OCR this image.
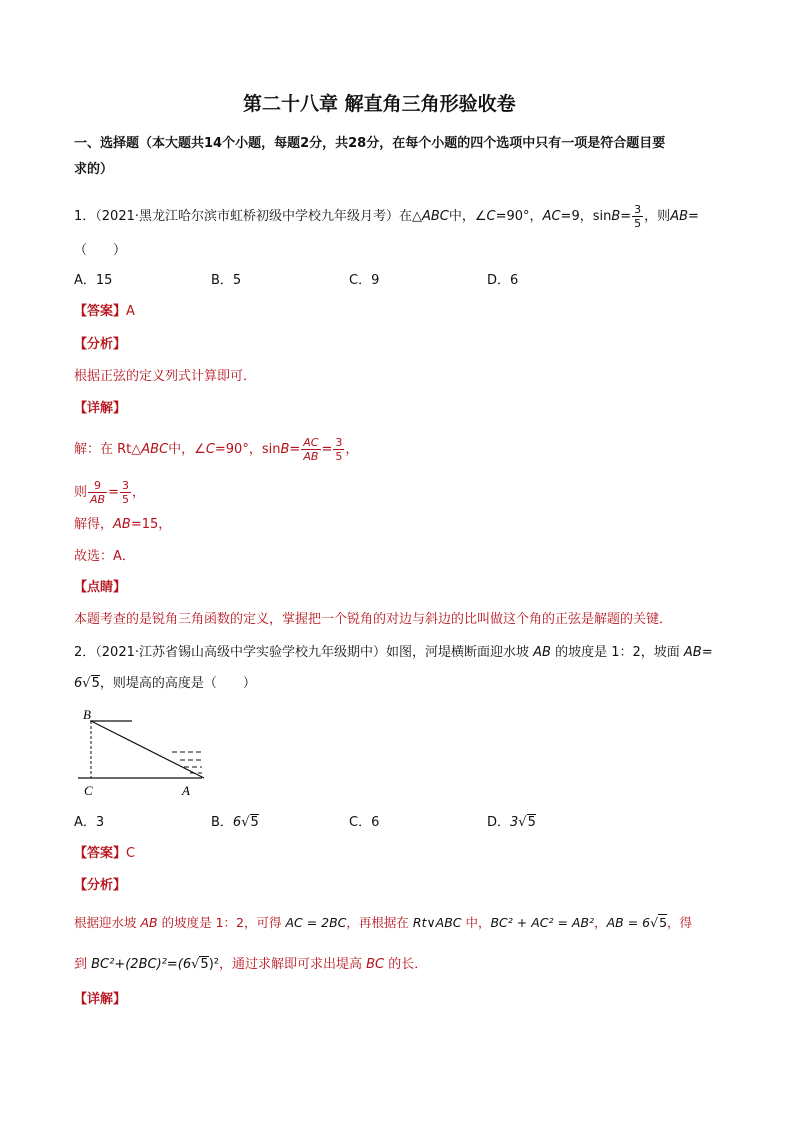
第二十八章 解直角三角形验收卷
一、选择题（本大题共14个小题，每题2分，共28分，在每个小题的四个选项中只有一项是符合题目要
求的）
1．（2021·黑龙江哈尔滨市虹桥初级中学校九年级月考）在△ABC中，∠C=90°，AC=9，$\sin B= \frac{3}{5}$ ，则AB=
（　　）
A．15	B．5	C．9	D．6
【答案】A
【分析】
根据正弦的定义列式计算即可．
【详解】
解：在 Rt△ABC中，∠C=90°，$\sin B= \frac{AC}{AB} = \frac{3}{5}$ ，
则 $\frac{9}{AB} = \frac{3}{5}$ ，
解得，AB=15，
故选：A．
【点睛】
本题考查的是锐角三角函数的定义，掌握把一个锐角的对边与斜边的比叫做这个角的正弦是解题的关键．
2．（2021·江苏省锡山高级中学实验学校九年级期中）如图，河堤横断面迎水坡 AB 的坡度是 1：2，坡面 AB=
6√5，则堤高的高度是（　　）
B
C	A
A．3	B．6√5	C．6	D．3√5
【答案】C
【分析】
根据迎水坡 AB 的坡度是 1：2，可得 AC = 2BC，再根据在 Rt∨ABC 中，BC² + AC² = AB²，AB = 6√5，得
到 BC²+(2BC)²=(6√5)²，通过求解即可求出堤高 BC 的长．
【详解】
